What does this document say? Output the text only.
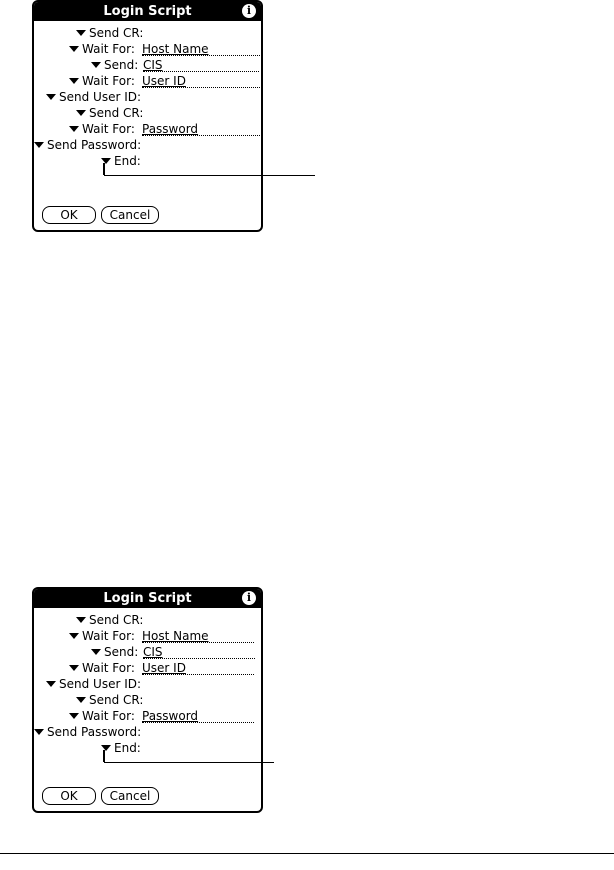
Login Script	i
Send CR:
Wait For: Host Name
Send: CIS
Wait For: User ID
Send User ID:
Send CR:
Wait For: Password
Send Password:
End:
OK	Cancel
Login Script	i
Send CR:
Wait For: Host Name
Send: CIS
Wait For: User ID
Send User ID:
Send CR:
Wait For: Password
Send Password:
End:
OK	Cancel
